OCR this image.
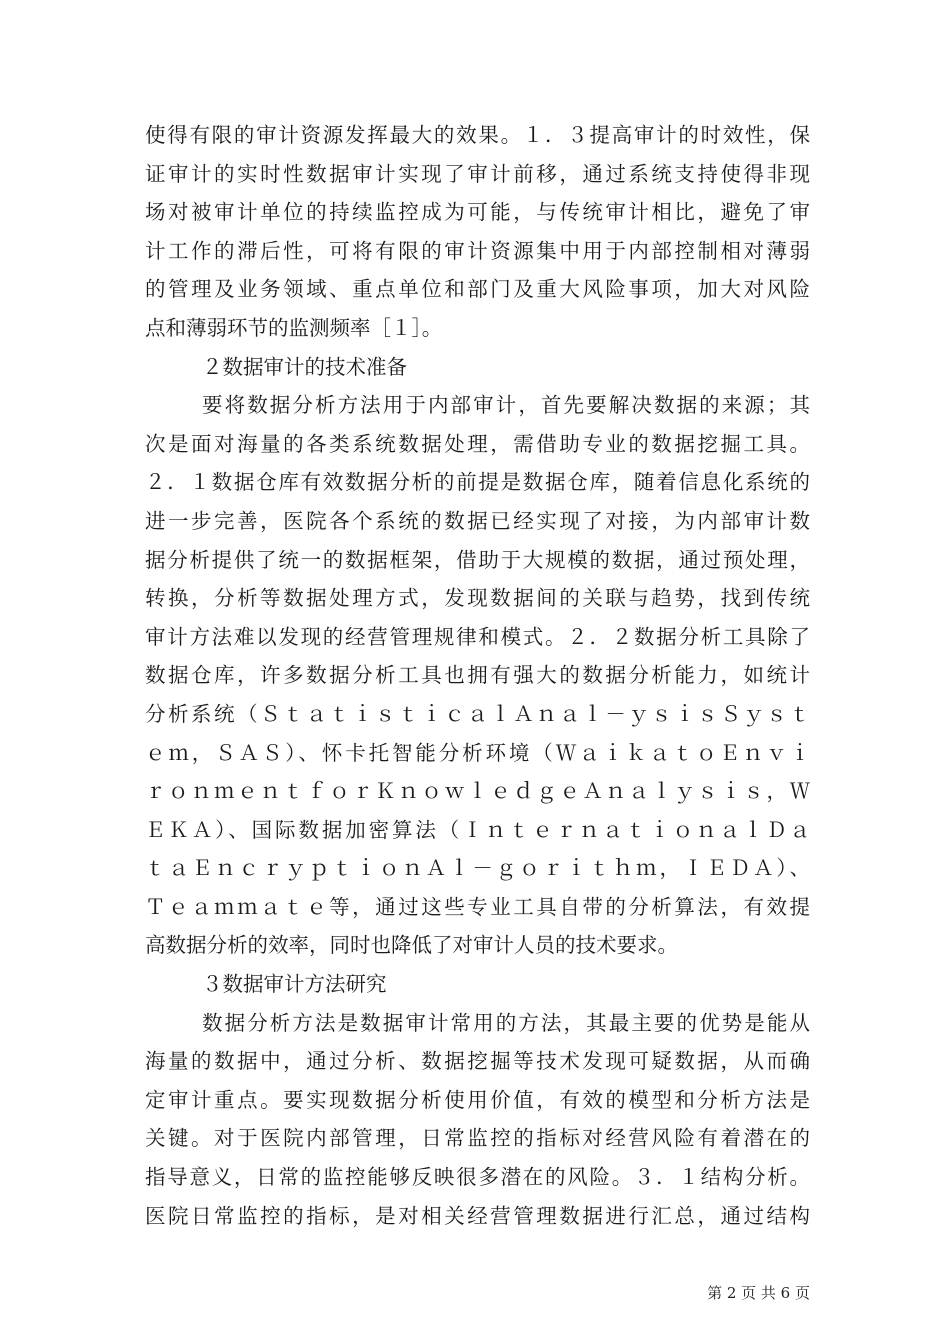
使得有限的审计资源发挥最大的效果。１．３提高审计的时效性，保
证审计的实时性数据审计实现了审计前移，通过系统支持使得非现
场对被审计单位的持续监控成为可能，与传统审计相比，避免了审
计工作的滞后性，可将有限的审计资源集中用于内部控制相对薄弱
的管理及业务领域、重点单位和部门及重大风险事项，加大对风险
点和薄弱环节的监测频率［１］。
２数据审计的技术准备
要将数据分析方法用于内部审计，首先要解决数据的来源；其
次是面对海量的各类系统数据处理，需借助专业的数据挖掘工具。
２．１数据仓库有效数据分析的前提是数据仓库，随着信息化系统的
进一步完善，医院各个系统的数据已经实现了对接，为内部审计数
据分析提供了统一的数据框架，借助于大规模的数据，通过预处理，
转换，分析等数据处理方式，发现数据间的关联与趋势，找到传统
审计方法难以发现的经营管理规律和模式。２．２数据分析工具除了
数据仓库，许多数据分析工具也拥有强大的数据分析能力，如统计
分析系统（ＳｔａｔｉｓｔｉｃａｌＡｎａｌ－ｙｓｉｓＳｙｓｔ
ｅｍ，ＳＡＳ）、怀卡托智能分析环境（ＷａｉｋａｔｏＥｎｖｉ
ｒｏｎｍｅｎｔｆｏｒＫｎｏｗｌｅｄｇｅＡｎａｌｙｓｉｓ，Ｗ
ＥＫＡ）、国际数据加密算法（ＩｎｔｅｒｎａｔｉｏｎａｌＤａ
ｔａＥｎｃｒｙｐｔｉｏｎＡｌ－ｇｏｒｉｔｈｍ，ＩＥＤＡ）、
Ｔｅａｍｍａｔｅ等，通过这些专业工具自带的分析算法，有效提
高数据分析的效率，同时也降低了对审计人员的技术要求。
３数据审计方法研究
数据分析方法是数据审计常用的方法，其最主要的优势是能从
海量的数据中，通过分析、数据挖掘等技术发现可疑数据，从而确
定审计重点。要实现数据分析使用价值，有效的模型和分析方法是
关键。对于医院内部管理，日常监控的指标对经营风险有着潜在的
指导意义，日常的监控能够反映很多潜在的风险。３．１结构分析。
医院日常监控的指标，是对相关经营管理数据进行汇总，通过结构
第 2 页 共 6 页
